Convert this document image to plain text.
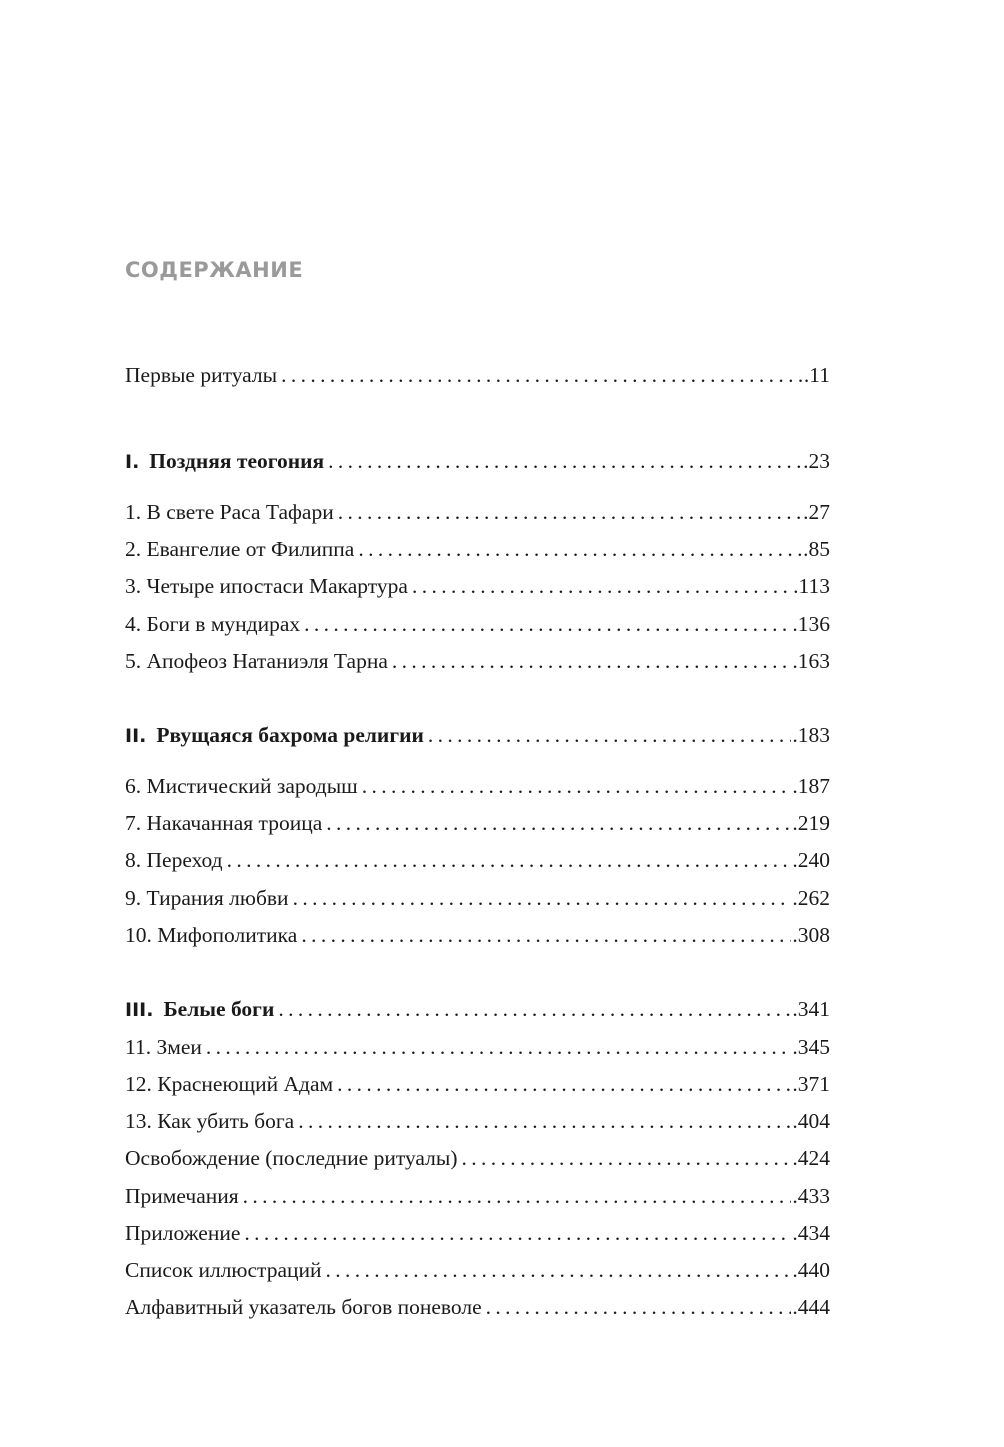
СОДЕРЖАНИЕ
Первые ритуалы . . .	.11
I. Поздняя теогония . . .	.23
1. В свете Раса Тафари . . .	.27
2. Евангелие от Филиппа . . .	.85
3. Четыре ипостаси Макартура . . .	.113
4. Боги в мундирах . . .	.136
5. Апофеоз Натаниэля Тарна . . .	.163
II. Рвущаяся бахрома религии . . .	.183
6. Мистический зародыш . . .	.187
7. Накачанная троица . . .	.219
8. Переход . . .	.240
9. Тирания любви . . .	.262
10. Мифополитика . . .	.308
III. Белые боги . . .	.341
11. Змеи . . .	.345
12. Краснеющий Адам . . .	.371
13. Как убить бога . . .	.404
Освобождение (последние ритуалы) . . .	.424
Примечания . . .	.433
Приложение . . .	.434
Список иллюстраций . . .	.440
Алфавитный указатель богов поневоле . . .	.444
